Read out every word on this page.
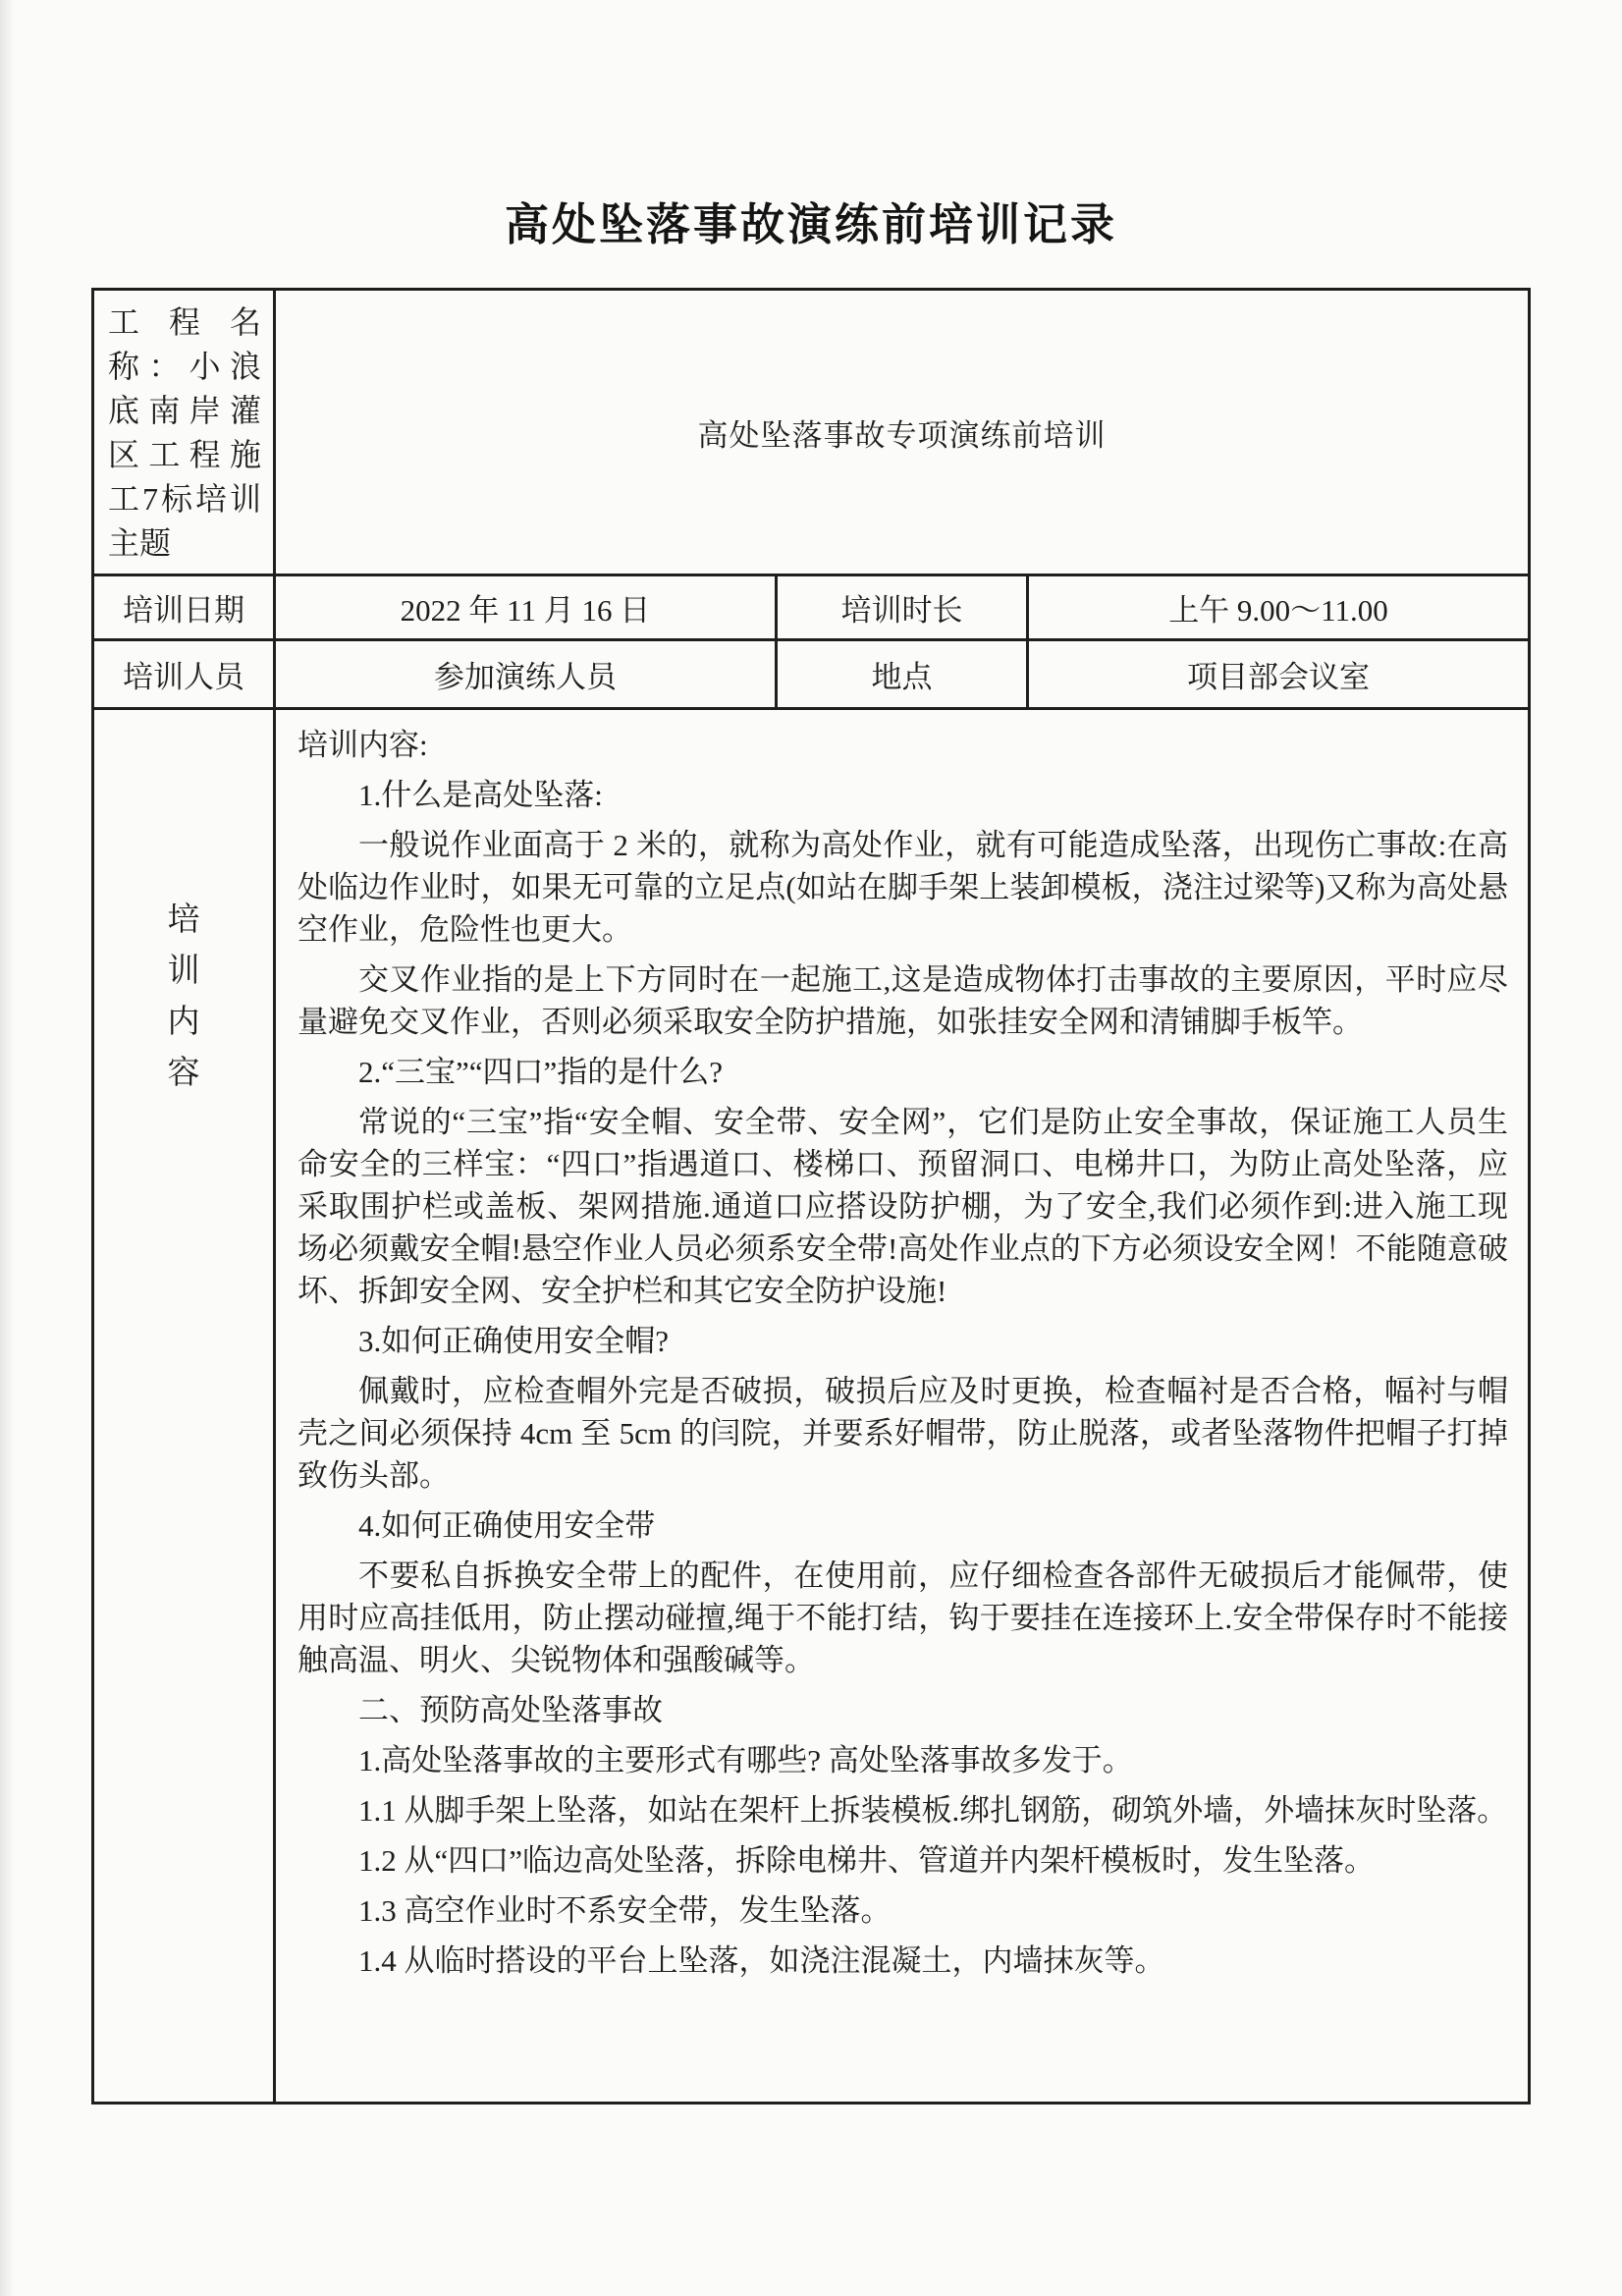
高处坠落事故演练前培训记录
工程名称：小浪底南岸灌区工程施工7标培训主题	高处坠落事故专项演练前培训		
培训日期	2022 年 11 月 16 日	培训时长	上午 9.00～11.00
培训人员	参加演练人员	地点	项目部会议室

培
训
内
容

培训内容:
1.什么是高处坠落:
一般说作业面高于 2 米的，就称为高处作业，就有可能造成坠落，出现伤亡事故:在高处临边作业时，如果无可靠的立足点(如站在脚手架上装卸模板，浇注过梁等)又称为高处悬空作业，危险性也更大。
交叉作业指的是上下方同时在一起施工,这是造成物体打击事故的主要原因，平时应尽量避免交叉作业，否则必须采取安全防护措施，如张挂安全网和清铺脚手板竿。
2.“三宝”“四口”指的是什么?
常说的“三宝”指“安全帽、安全带、安全网”，它们是防止安全事故，保证施工人员生命安全的三样宝：“四口”指遇道口、楼梯口、预留洞口、电梯井口，为防止高处坠落，应采取围护栏或盖板、架网措施.通道口应搭设防护棚，为了安全,我们必须作到:进入施工现场必须戴安全帽!悬空作业人员必须系安全带!高处作业点的下方必须设安全网！不能随意破坏、拆卸安全网、安全护栏和其它安全防护设施!
3.如何正确使用安全帽?
佩戴时，应检查帽外完是否破损，破损后应及时更换，检查幅衬是否合格，幅衬与帽壳之间必须保持 4cm 至 5cm 的闫院，并要系好帽带，防止脱落，或者坠落物件把帽子打掉致伤头部。
4.如何正确使用安全带
不要私自拆换安全带上的配件，在使用前，应仔细检查各部件无破损后才能佩带，使用时应高挂低用，防止摆动碰擅,绳于不能打结，钩于要挂在连接环上.安全带保存时不能接触高温、明火、尖锐物体和强酸碱等。
二、预防高处坠落事故
1.高处坠落事故的主要形式有哪些? 高处坠落事故多发于。
1.1 从脚手架上坠落，如站在架杆上拆装模板.绑扎钢筋，砌筑外墙，外墙抹灰时坠落。
1.2 从“四口”临边高处坠落，拆除电梯井、管道并内架杆模板时，发生坠落。
1.3 高空作业时不系安全带，发生坠落。
1.4 从临时搭设的平台上坠落，如浇注混凝土，内墙抹灰等。
